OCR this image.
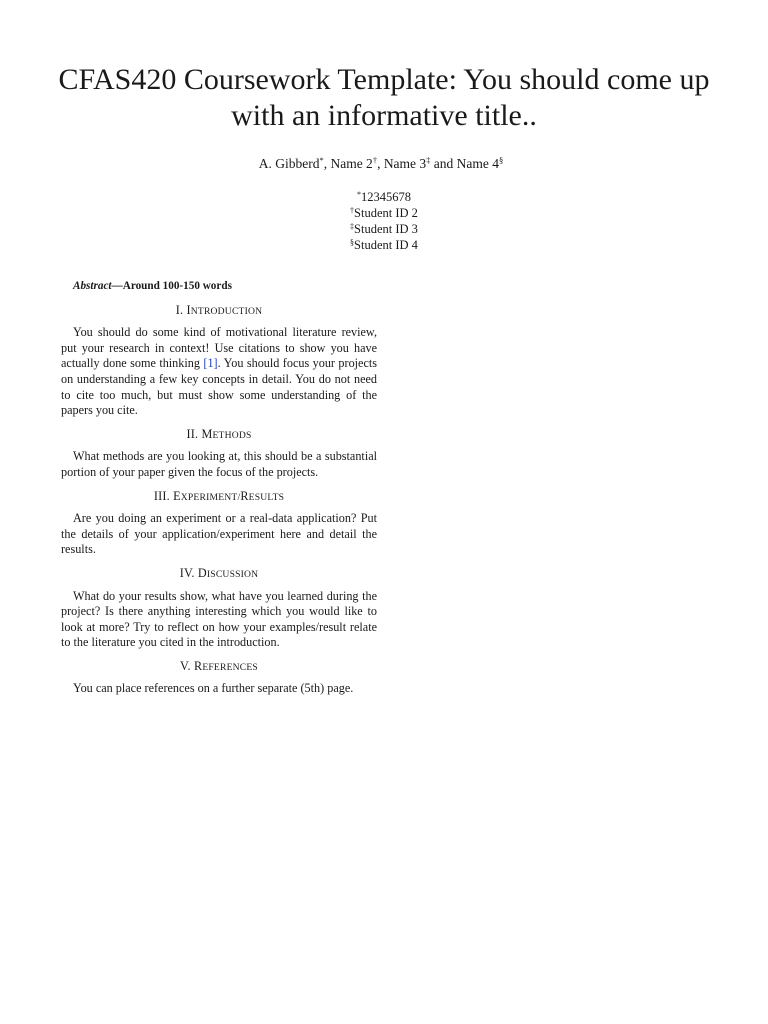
CFAS420 Coursework Template: You should come up with an informative title..
A. Gibberd*, Name 2†, Name 3‡ and Name 4§
*12345678
†Student ID 2
‡Student ID 3
§Student ID 4

Abstract—Around 100-150 words

I. INTRODUCTION

You should do some kind of motivational literature review, put your research in context! Use citations to show you have actually done some thinking [1]. You should focus your projects on understanding a few key concepts in detail. You do not need to cite too much, but must show some understanding of the papers you cite.

II. METHODS

What methods are you looking at, this should be a substantial portion of your paper given the focus of the projects.

III. EXPERIMENT/RESULTS

Are you doing an experiment or a real-data application? Put the details of your application/experiment here and detail the results.

IV. DISCUSSION

What do your results show, what have you learned during the project? Is there anything interesting which you would like to look at more? Try to reflect on how your examples/result relate to the literature you cited in the introduction.

V. REFERENCES

You can place references on a further separate (5th) page.
